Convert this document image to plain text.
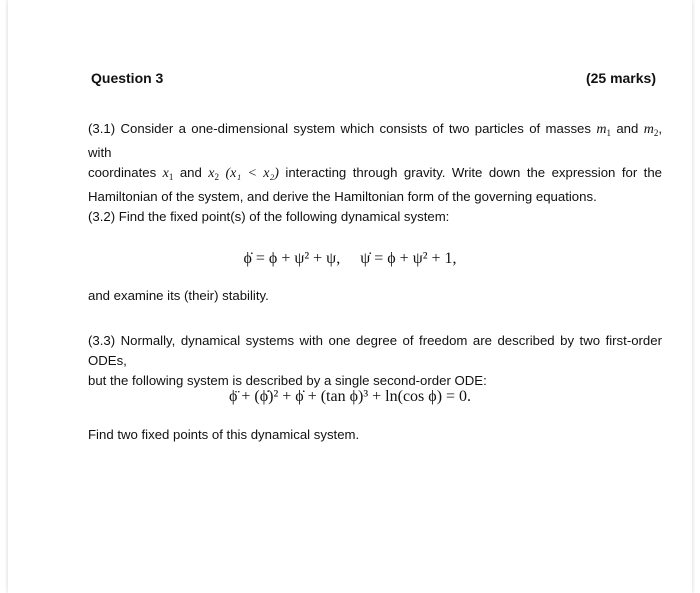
Question 3	(25 marks)
(3.1) Consider a one-dimensional system which consists of two particles of masses $m_1$ and $m_2$, with
coordinates $x_1$ and $x_2$ (x₁ < x₂) interacting through gravity. Write down the expression for the
Hamiltonian of the system, and derive the Hamiltonian form of the governing equations.
(3.2) Find the fixed point(s) of the following dynamical system:
ϕ̇ = ϕ + ψ² + ψ, ψ̇ = ϕ + ψ² + 1,
and examine its (their) stability.
(3.3) Normally, dynamical systems with one degree of freedom are described by two first-order ODEs,
but the following system is described by a single second-order ODE:
ϕ̈ + (ϕ̇)² + ϕ̇ + (tan ϕ)³ + ln(cos ϕ) = 0.
Find two fixed points of this dynamical system.
